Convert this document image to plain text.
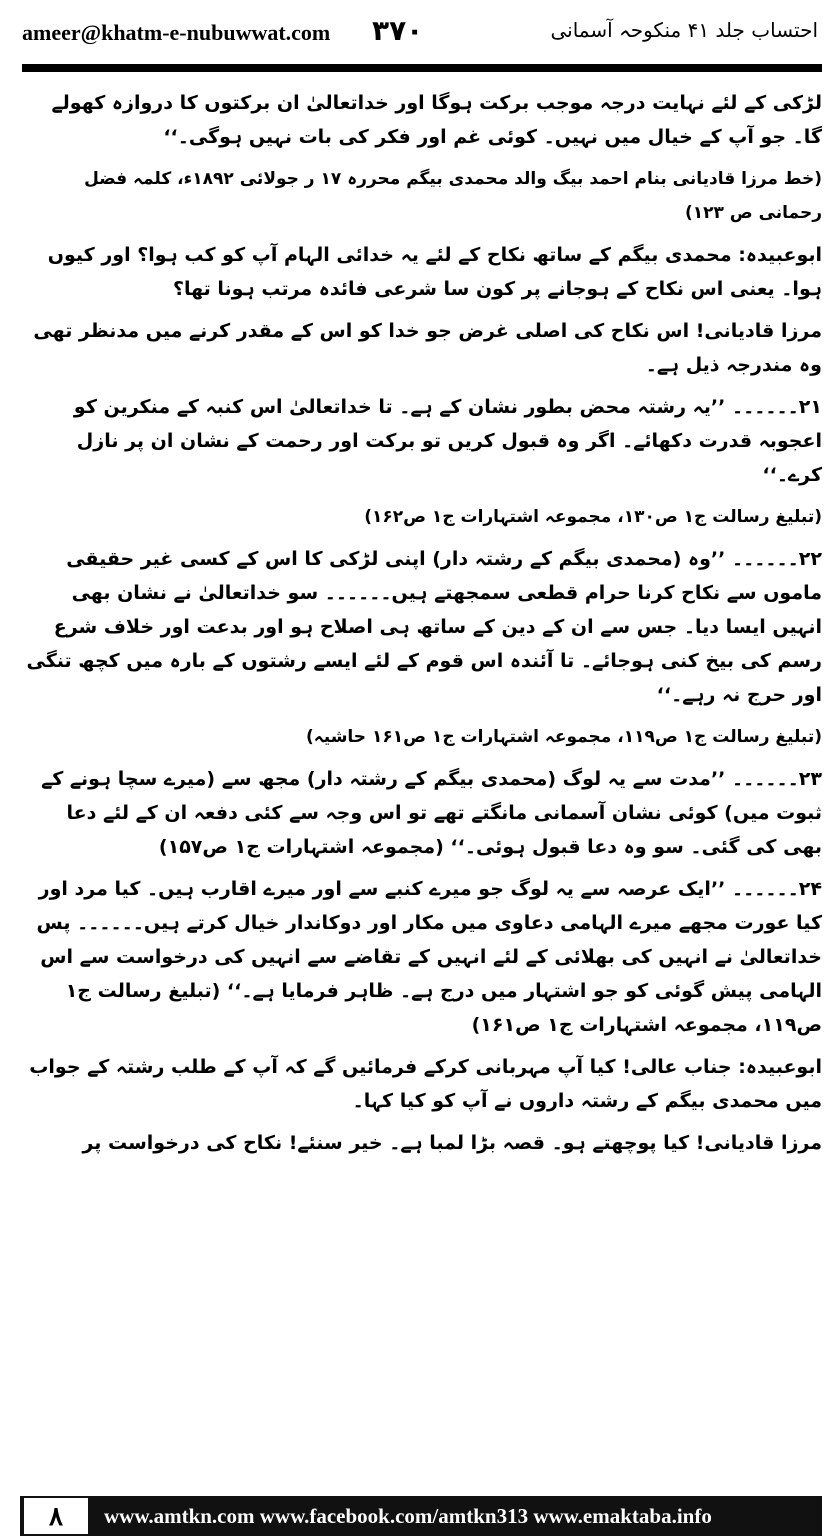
ameer@khatm-e-nubuwwat.com ۳۷۰	احتساب جلد ۴۱ منکوحہ آسمانی

لڑکی کے لئے نہایت درجہ موجب برکت ہوگا اور خداتعالیٰ ان برکتوں کا دروازہ کھولے گا۔ جو آپ کے خیال میں نہیں۔ کوئی غم اور فکر کی بات نہیں ہوگی۔‘‘

(خط مرزا قادیانی بنام احمد بیگ والد محمدی بیگم محررہ ۱۷ ر جولائی ۱۸۹۲ء، کلمہ فضل رحمانی ص ۱۲۳)

ابوعبیدہ: محمدی بیگم کے ساتھ نکاح کے لئے یہ خدائی الہام آپ کو کب ہوا؟ اور کیوں ہوا۔ یعنی اس نکاح کے ہوجانے پر کون سا شرعی فائدہ مرتب ہونا تھا؟

مرزا قادیانی! اس نکاح کی اصلی غرض جو خدا کو اس کے مقدر کرنے میں مدنظر تھی وہ مندرجہ ذیل ہے۔

۲۱۔۔۔۔۔۔ ’’یہ رشتہ محض بطور نشان کے ہے۔ تا خداتعالیٰ اس کنبہ کے منکرین کو اعجوبہ قدرت دکھائے۔ اگر وہ قبول کریں تو برکت اور رحمت کے نشان ان پر نازل کرے۔‘‘

(تبلیغ رسالت ج۱ ص۱۳۰، مجموعہ اشتہارات ج۱ ص۱۶۲)

۲۲۔۔۔۔۔۔ ’’وہ (محمدی بیگم کے رشتہ دار) اپنی لڑکی کا اس کے کسی غیر حقیقی ماموں سے نکاح کرنا حرام قطعی سمجھتے ہیں۔۔۔۔۔۔ سو خداتعالیٰ نے نشان بھی انہیں ایسا دیا۔ جس سے ان کے دین کے ساتھ ہی اصلاح ہو اور بدعت اور خلاف شرع رسم کی بیخ کنی ہوجائے۔ تا آئندہ اس قوم کے لئے ایسے رشتوں کے بارہ میں کچھ تنگی اور حرج نہ رہے۔‘‘

(تبلیغ رسالت ج۱ ص۱۱۹، مجموعہ اشتہارات ج۱ ص۱۶۱ حاشیہ)

۲۳۔۔۔۔۔۔ ’’مدت سے یہ لوگ (محمدی بیگم کے رشتہ دار) مجھ سے (میرے سچا ہونے کے ثبوت میں) کوئی نشان آسمانی مانگتے تھے تو اس وجہ سے کئی دفعہ ان کے لئے دعا بھی کی گئی۔ سو وہ دعا قبول ہوئی۔‘‘ (مجموعہ اشتہارات ج۱ ص۱۵۷)

۲۴۔۔۔۔۔۔ ’’ایک عرصہ سے یہ لوگ جو میرے کنبے سے اور میرے اقارب ہیں۔ کیا مرد اور کیا عورت مجھے میرے الہامی دعاوی میں مکار اور دوکاندار خیال کرتے ہیں۔۔۔۔۔۔ پس خداتعالیٰ نے انہیں کی بھلائی کے لئے انہیں کے تقاضے سے انہیں کی درخواست سے اس الہامی پیش گوئی کو جو اشتہار میں درج ہے۔ ظاہر فرمایا ہے۔‘‘ (تبلیغ رسالت ج۱ ص۱۱۹، مجموعہ اشتہارات ج۱ ص۱۶۱)

ابوعبیدہ: جناب عالی! کیا آپ مہربانی کرکے فرمائیں گے کہ آپ کے طلب رشتہ کے جواب میں محمدی بیگم کے رشتہ داروں نے آپ کو کیا کہا۔

مرزا قادیانی! کیا پوچھتے ہو۔ قصہ بڑا لمبا ہے۔ خیر سنئے! نکاح کی درخواست پر

۸	www.amtkn.com www.facebook.com/amtkn313 www.emaktaba.info
